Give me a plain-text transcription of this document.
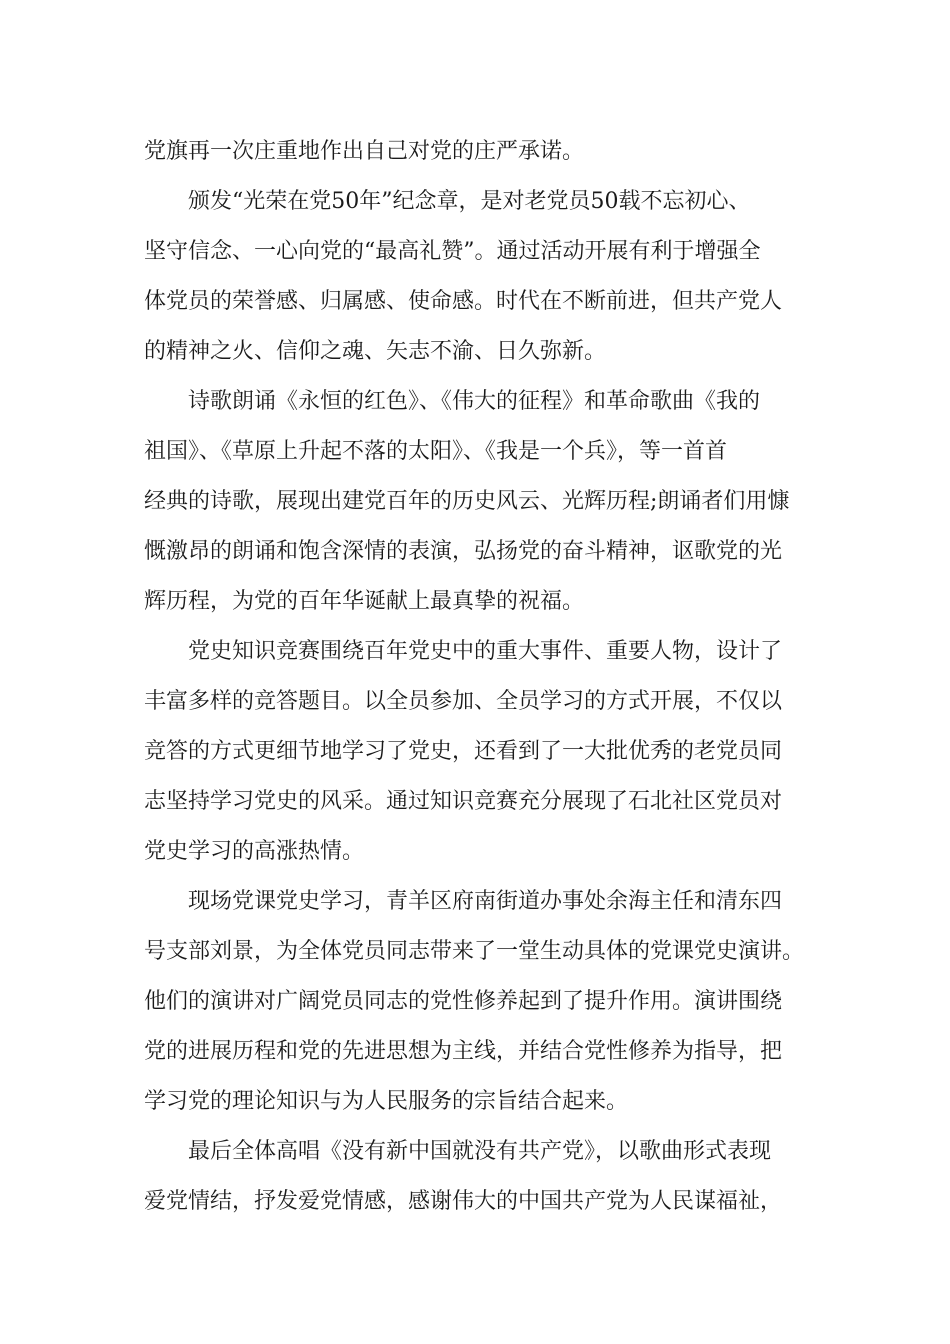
党旗再一次庄重地作出自己对党的庄严承诺。
颁发“光荣在党50年”纪念章，是对老党员50载不忘初心、
坚守信念、一心向党的“最高礼赞”。通过活动开展有利于增强全
体党员的荣誉感、归属感、使命感。时代在不断前进，但共产党人
的精神之火、信仰之魂、矢志不渝、日久弥新。
诗歌朗诵《永恒的红色》、《伟大的征程》和革命歌曲《我的
祖国》、《草原上升起不落的太阳》、《我是一个兵》，等一首首
经典的诗歌，展现出建党百年的历史风云、光辉历程;朗诵者们用慷
慨激昂的朗诵和饱含深情的表演，弘扬党的奋斗精神，讴歌党的光
辉历程，为党的百年华诞献上最真挚的祝福。
党史知识竞赛围绕百年党史中的重大事件、重要人物，设计了
丰富多样的竞答题目。以全员参加、全员学习的方式开展，不仅以
竞答的方式更细节地学习了党史，还看到了一大批优秀的老党员同
志坚持学习党史的风采。通过知识竞赛充分展现了石北社区党员对
党史学习的高涨热情。
现场党课党史学习，青羊区府南街道办事处余海主任和清东四
号支部刘景，为全体党员同志带来了一堂生动具体的党课党史演讲。
他们的演讲对广阔党员同志的党性修养起到了提升作用。演讲围绕
党的进展历程和党的先进思想为主线，并结合党性修养为指导，把
学习党的理论知识与为人民服务的宗旨结合起来。
最后全体高唱《没有新中国就没有共产党》，以歌曲形式表现
爱党情结，抒发爱党情感，感谢伟大的中国共产党为人民谋福祉，
